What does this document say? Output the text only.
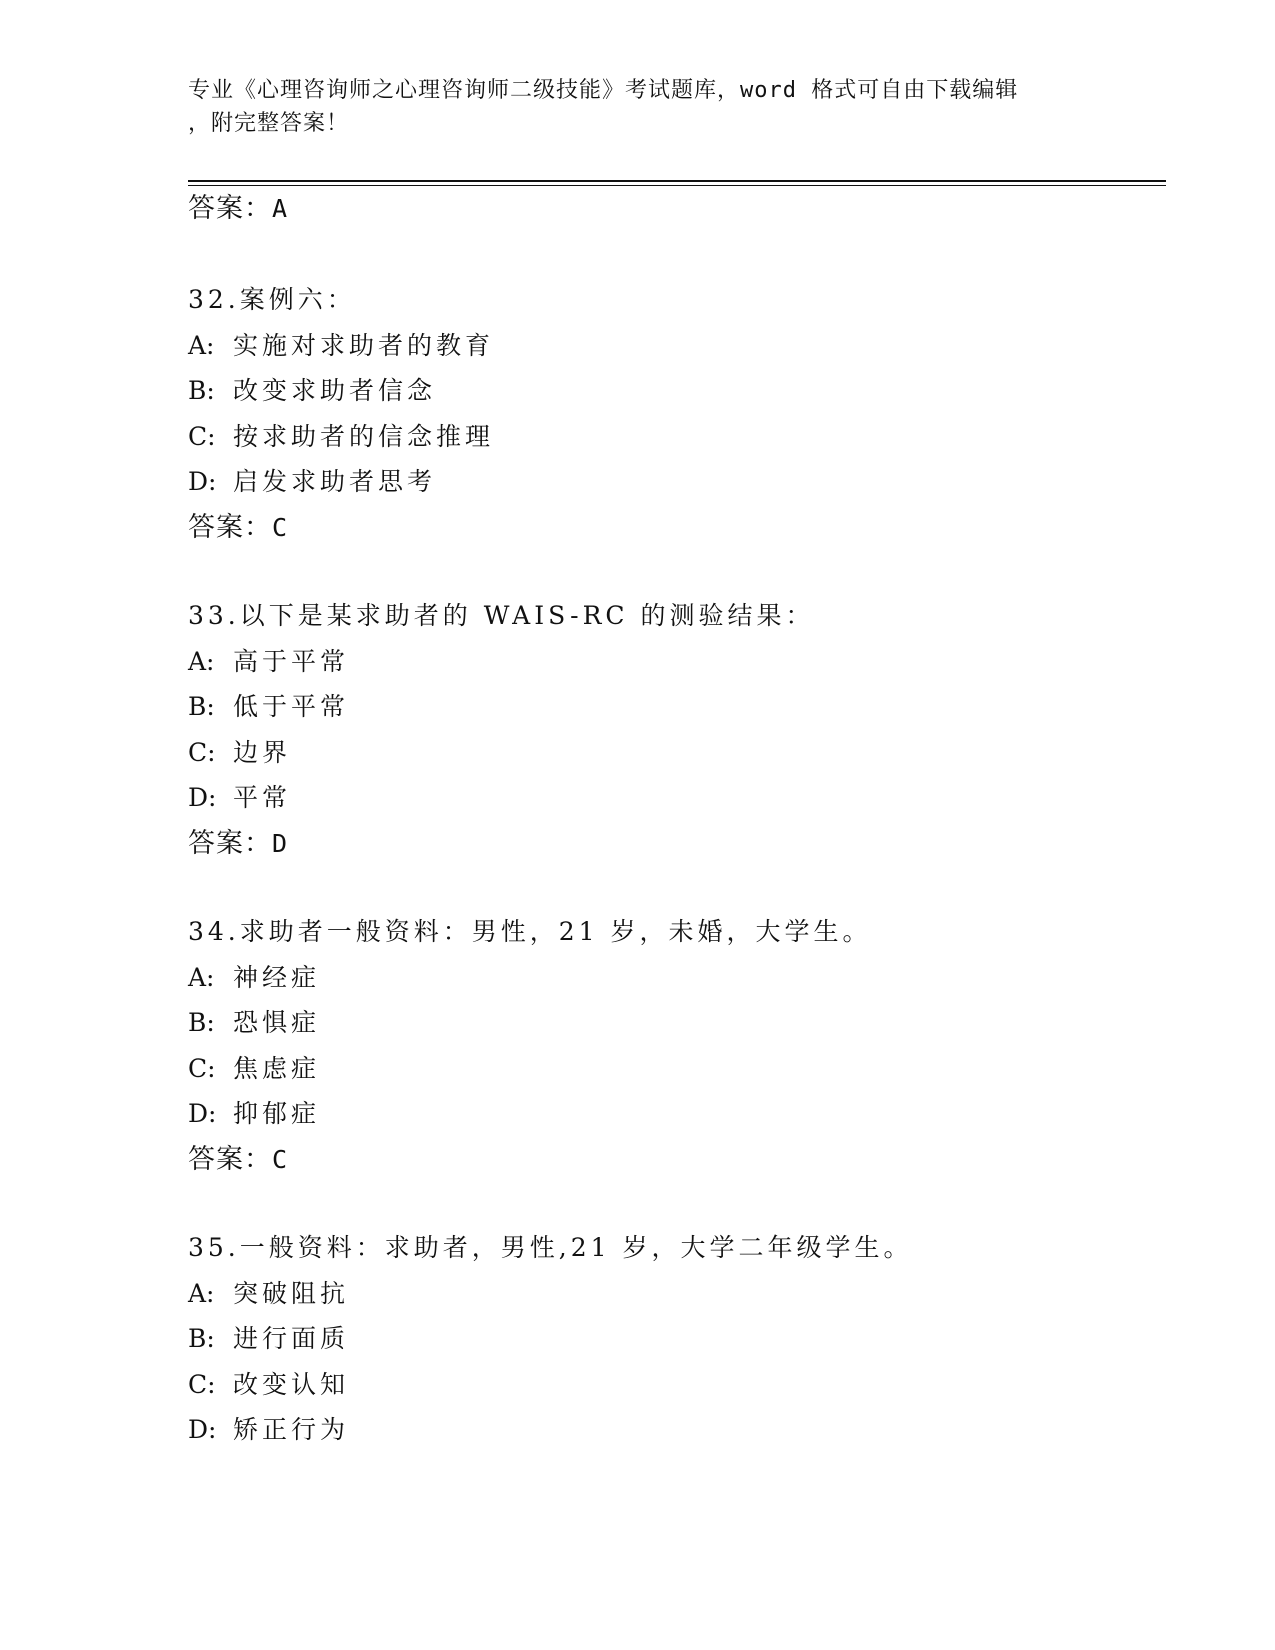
专业《心理咨询师之心理咨询师二级技能》考试题库，word 格式可自由下载编辑
，附完整答案！
答案：A
32.案例六：
A: 实施对求助者的教育
B: 改变求助者信念
C: 按求助者的信念推理
D: 启发求助者思考
答案：C
33.以下是某求助者的 WAIS-RC 的测验结果：
A: 高于平常
B: 低于平常
C: 边界
D: 平常
答案：D
34.求助者一般资料：男性，21 岁，未婚，大学生。
A: 神经症
B: 恐惧症
C: 焦虑症
D: 抑郁症
答案：C
35.一般资料：求助者，男性,21 岁，大学二年级学生。
A: 突破阻抗
B: 进行面质
C: 改变认知
D: 矫正行为
